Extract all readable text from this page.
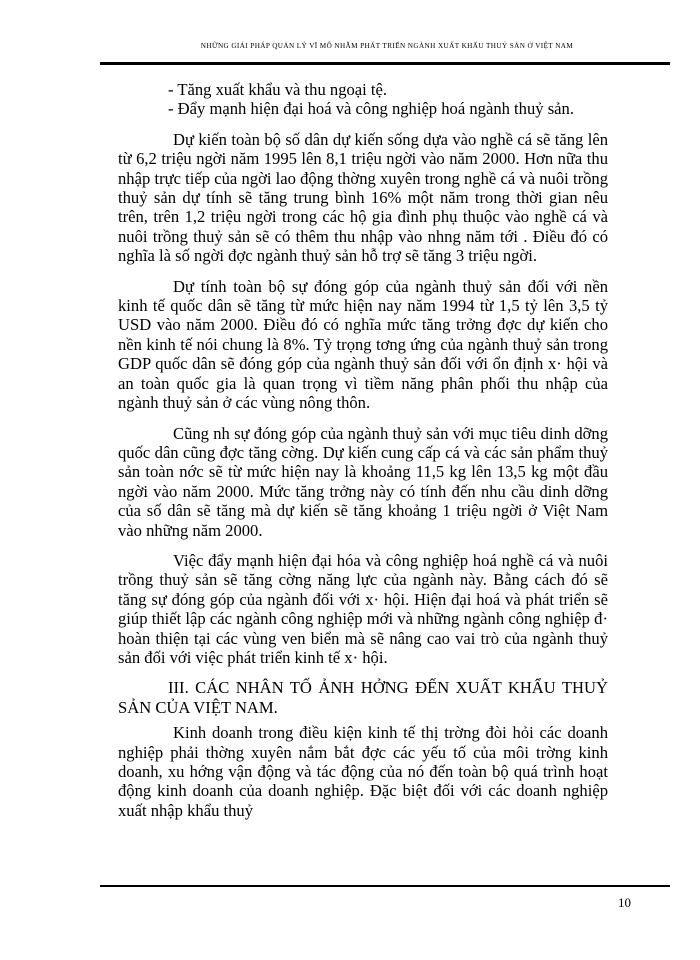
NHỮNG GIẢI PHÁP QUẢN LÝ VĨ MÔ NHẰM PHÁT TRIỂN NGÀNH XUẤT KHẨU THUỶ SẢN Ở VIỆT NAM

- Tăng xuất khẩu và thu ngoại tệ.

- Đẩy mạnh hiện đại hoá và công nghiệp hoá ngành thuỷ sản.

Dự kiến toàn bộ số dân dự kiến sống dựa vào nghề cá sẽ tăng lên từ 6,2 triệu ngời năm 1995 lên 8,1 triệu ngời vào năm 2000. Hơn nữa thu nhập trực tiếp của ngời lao động thờng xuyên trong nghề cá và nuôi trồng thuỷ sản dự tính sẽ tăng trung bình 16% một năm trong thời gian nêu trên, trên 1,2 triệu ngời trong các hộ gia đình phụ thuộc vào nghề cá và nuôi trồng thuỷ sản sẽ có thêm thu nhập vào nhng năm tới . Điều đó có nghĩa là số ngời đợc ngành thuỷ sản hỗ trợ sẽ tăng 3 triệu ngời.

Dự tính toàn bộ sự đóng góp của ngành thuỷ sản đối với nền kinh tế quốc dân sẽ tăng từ mức hiện nay năm 1994 từ 1,5 tỷ lên 3,5 tỷ USD vào năm 2000. Điều đó có nghĩa mức tăng trởng đợc dự kiến cho nền kinh tế nói chung là 8%. Tỷ trọng tơng ứng của ngành thuỷ sản trong GDP quốc dân sẽ đóng góp của ngành thuỷ sản đối với ổn định x· hội và an toàn quốc gia là quan trọng vì tiềm năng phân phối thu nhập của ngành thuỷ sản ở các vùng nông thôn.

Cũng nh sự đóng góp của ngành thuỷ sản với mục tiêu dinh dỡng quốc dân cũng đợc tăng cờng. Dự kiến cung cấp cá và các sản phẩm thuỷ sản toàn nớc sẽ từ mức hiện nay là khoảng 11,5 kg lên 13,5 kg một đầu ngời vào năm 2000. Mức tăng trởng này có tính đến nhu cầu dinh dỡng của số dân sẽ tăng mà dự kiến sẽ tăng khoảng 1 triệu ngời ở Việt Nam vào những năm 2000.

Việc đẩy mạnh hiện đại hóa và công nghiệp hoá nghề cá và nuôi trồng thuỷ sản sẽ tăng cờng năng lực của ngành này. Bằng cách đó sẽ tăng sự đóng góp của ngành đối với x· hội. Hiện đại hoá và phát triển sẽ giúp thiết lập các ngành công nghiệp mới và những ngành công nghiệp đ· hoàn thiện tại các vùng ven biển mà sẽ nâng cao vai trò của ngành thuỷ sản đối với việc phát triển kinh tế x· hội.

III. CÁC NHÂN TỐ ẢNH HỞNG ĐẾN XUẤT KHẨU THUỶ SẢN CỦA VIỆT NAM.

Kinh doanh trong điều kiện kinh tế thị trờng đòi hỏi các doanh nghiệp phải thờng xuyên nắm bắt đợc các yếu tố của môi trờng kinh doanh, xu hớng vận động và tác động của nó đến toàn bộ quá trình hoạt động kinh doanh của doanh nghiệp. Đặc biệt đối với các doanh nghiệp xuất nhập khẩu thuỷ

10
